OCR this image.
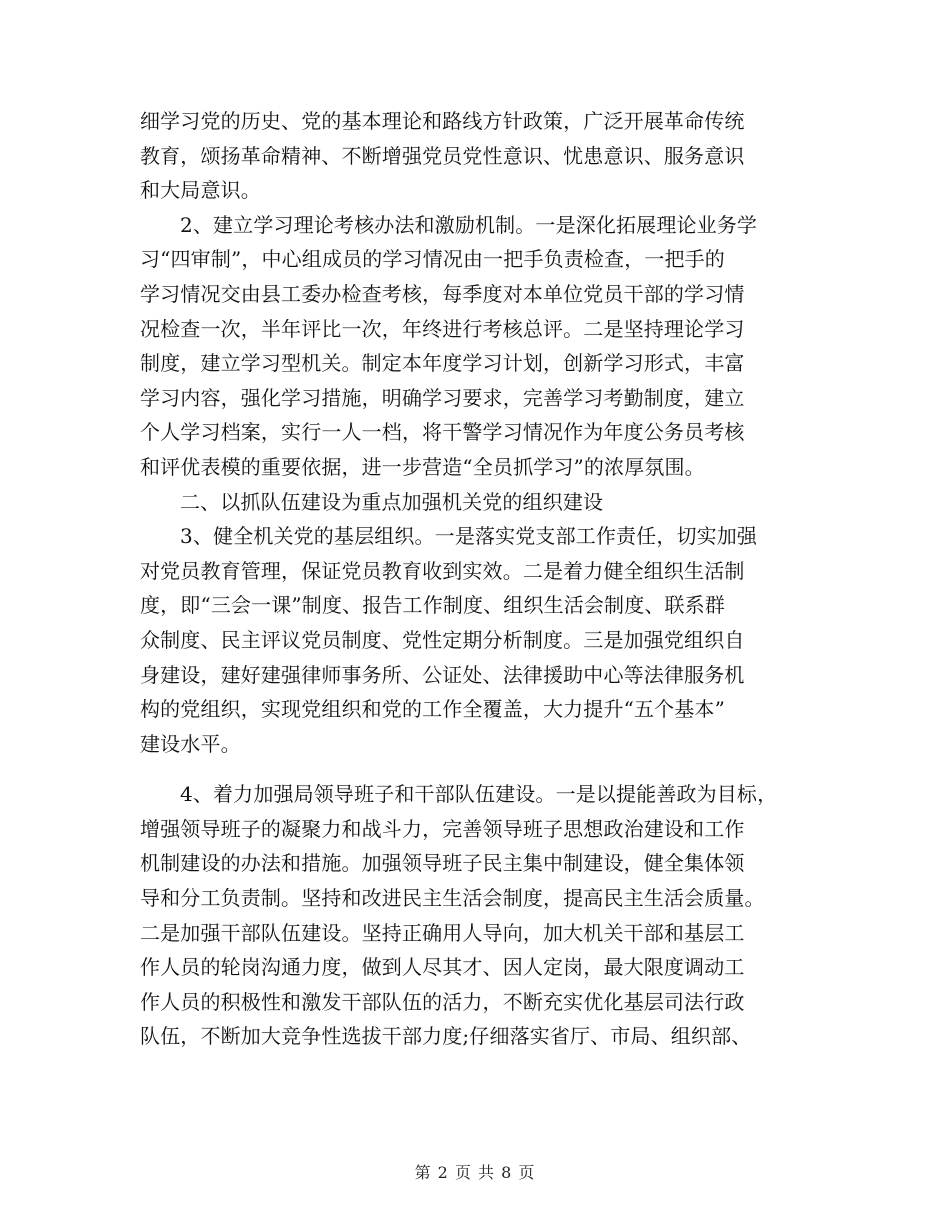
细学习党的历史、党的基本理论和路线方针政策，广泛开展革命传统
教育，颂扬革命精神、不断增强党员党性意识、忧患意识、服务意识
和大局意识。
2、建立学习理论考核办法和激励机制。一是深化拓展理论业务学
习“四审制”，中心组成员的学习情况由一把手负责检查，一把手的
学习情况交由县工委办检查考核，每季度对本单位党员干部的学习情
况检查一次，半年评比一次，年终进行考核总评。二是坚持理论学习
制度，建立学习型机关。制定本年度学习计划，创新学习形式，丰富
学习内容，强化学习措施，明确学习要求，完善学习考勤制度，建立
个人学习档案，实行一人一档，将干警学习情况作为年度公务员考核
和评优表模的重要依据，进一步营造“全员抓学习”的浓厚氛围。
二、以抓队伍建设为重点加强机关党的组织建设
3、健全机关党的基层组织。一是落实党支部工作责任，切实加强
对党员教育管理，保证党员教育收到实效。二是着力健全组织生活制
度，即“三会一课”制度、报告工作制度、组织生活会制度、联系群
众制度、民主评议党员制度、党性定期分析制度。三是加强党组织自
身建设，建好建强律师事务所、公证处、法律援助中心等法律服务机
构的党组织，实现党组织和党的工作全覆盖，大力提升“五个基本”
建设水平。
4、着力加强局领导班子和干部队伍建设。一是以提能善政为目标，
增强领导班子的凝聚力和战斗力，完善领导班子思想政治建设和工作
机制建设的办法和措施。加强领导班子民主集中制建设，健全集体领
导和分工负责制。坚持和改进民主生活会制度，提高民主生活会质量。
二是加强干部队伍建设。坚持正确用人导向，加大机关干部和基层工
作人员的轮岗沟通力度，做到人尽其才、因人定岗，最大限度调动工
作人员的积极性和激发干部队伍的活力，不断充实优化基层司法行政
队伍，不断加大竞争性选拔干部力度;仔细落实省厅、市局、组织部、
第 2 页 共 8 页
